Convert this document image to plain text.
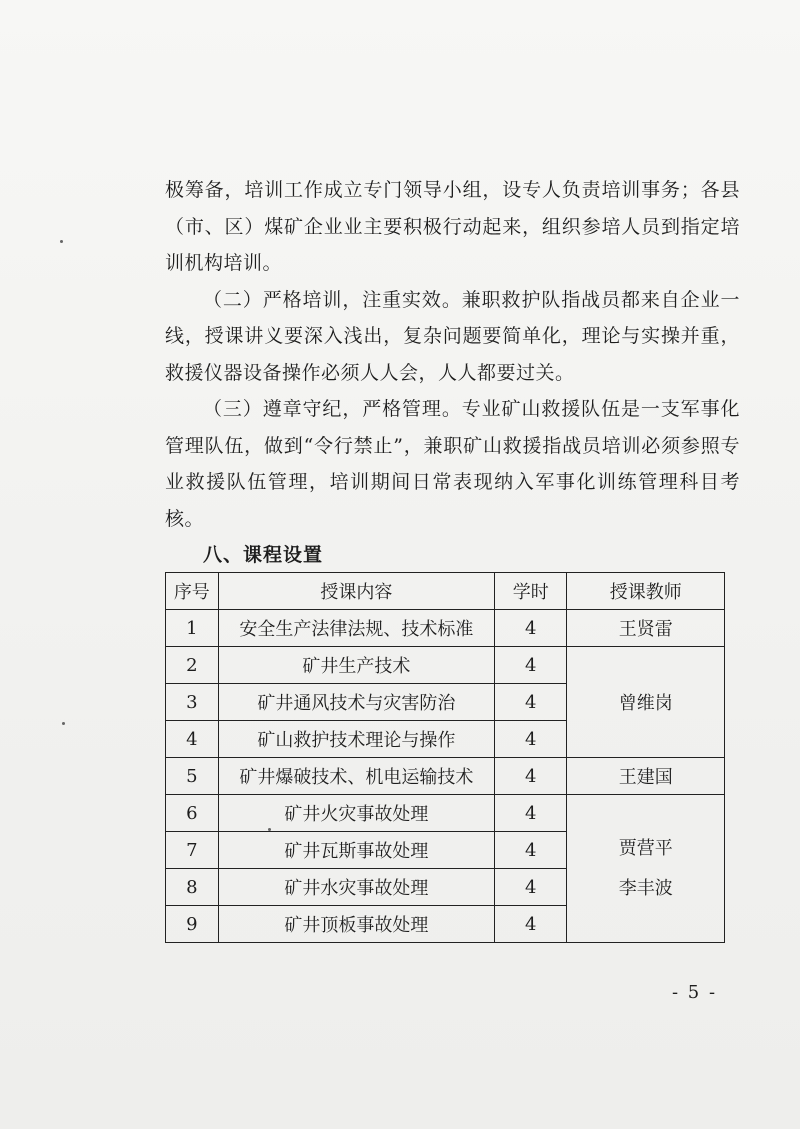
极筹备，培训工作成立专门领导小组，设专人负责培训事务；各县（市、区）煤矿企业业主要积极行动起来，组织参培人员到指定培训机构培训。

（二）严格培训，注重实效。兼职救护队指战员都来自企业一线，授课讲义要深入浅出，复杂问题要简单化，理论与实操并重，救援仪器设备操作必须人人会，人人都要过关。

（三）遵章守纪，严格管理。专业矿山救援队伍是一支军事化管理队伍，做到“令行禁止”，兼职矿山救援指战员培训必须参照专业救援队伍管理，培训期间日常表现纳入军事化训练管理科目考核。

八、课程设置
序号	授课内容	学时	授课教师
1	安全生产法律法规、技术标准	4	王贤雷
2	矿井生产技术	4	曾维岗
3	矿井通风技术与灾害防治	4	
4	矿山救护技术理论与操作	4	
5	矿井爆破技术、机电运输技术	4	王建国
6	矿井火灾事故处理	4	贾营平
李丰波

7	矿井瓦斯事故处理	4	
8	矿井水灾事故处理	4	
9	矿井顶板事故处理	4	
- 5 -
